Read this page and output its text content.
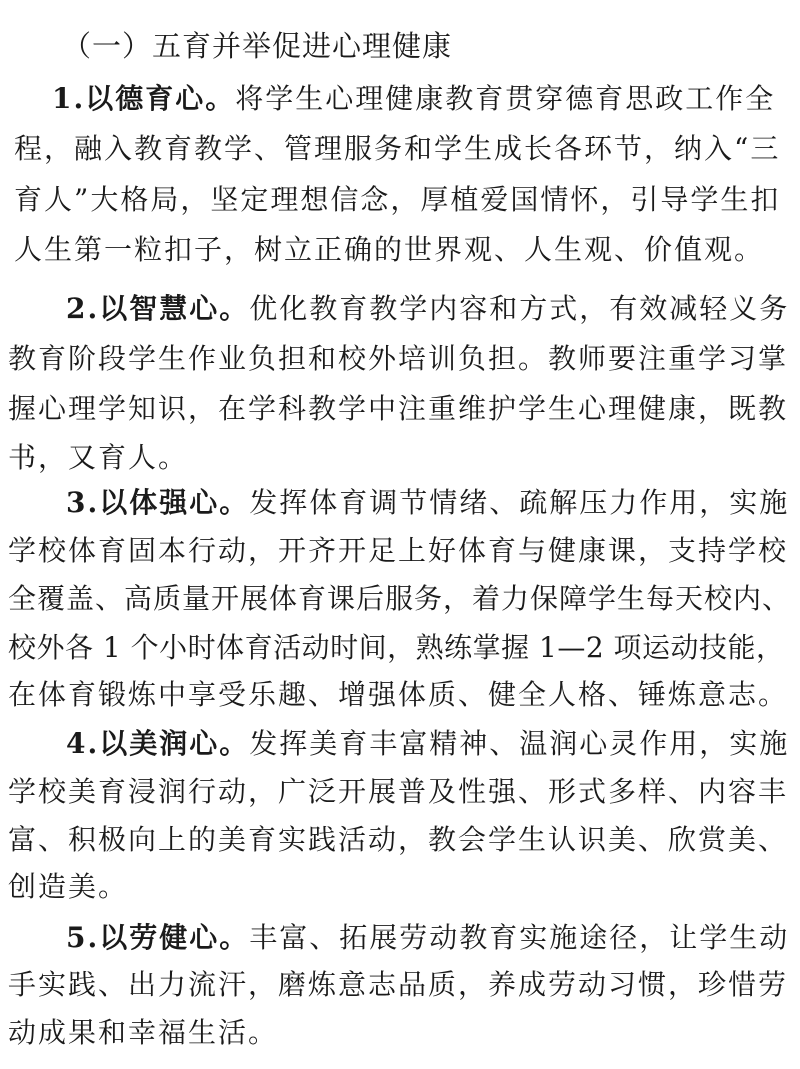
（一）五育并举促进心理健康
1.以德育心。将学生心理健康教育贯穿德育思政工作全
程，融入教育教学、管理服务和学生成长各环节，纳入“三
育人”大格局，坚定理想信念，厚植爱国情怀，引导学生扣
人生第一粒扣子，树立正确的世界观、人生观、价值观。
2.以智慧心。优化教育教学内容和方式，有效减轻义务
教育阶段学生作业负担和校外培训负担。教师要注重学习掌
握心理学知识，在学科教学中注重维护学生心理健康，既教
书，又育人。
3.以体强心。发挥体育调节情绪、疏解压力作用，实施
学校体育固本行动，开齐开足上好体育与健康课，支持学校
全覆盖、高质量开展体育课后服务，着力保障学生每天校内、
校外各 1 个小时体育活动时间，熟练掌握 1—2 项运动技能，
在体育锻炼中享受乐趣、增强体质、健全人格、锤炼意志。
4.以美润心。发挥美育丰富精神、温润心灵作用，实施
学校美育浸润行动，广泛开展普及性强、形式多样、内容丰
富、积极向上的美育实践活动，教会学生认识美、欣赏美、
创造美。
5.以劳健心。丰富、拓展劳动教育实施途径，让学生动
手实践、出力流汗，磨炼意志品质，养成劳动习惯，珍惜劳
动成果和幸福生活。
